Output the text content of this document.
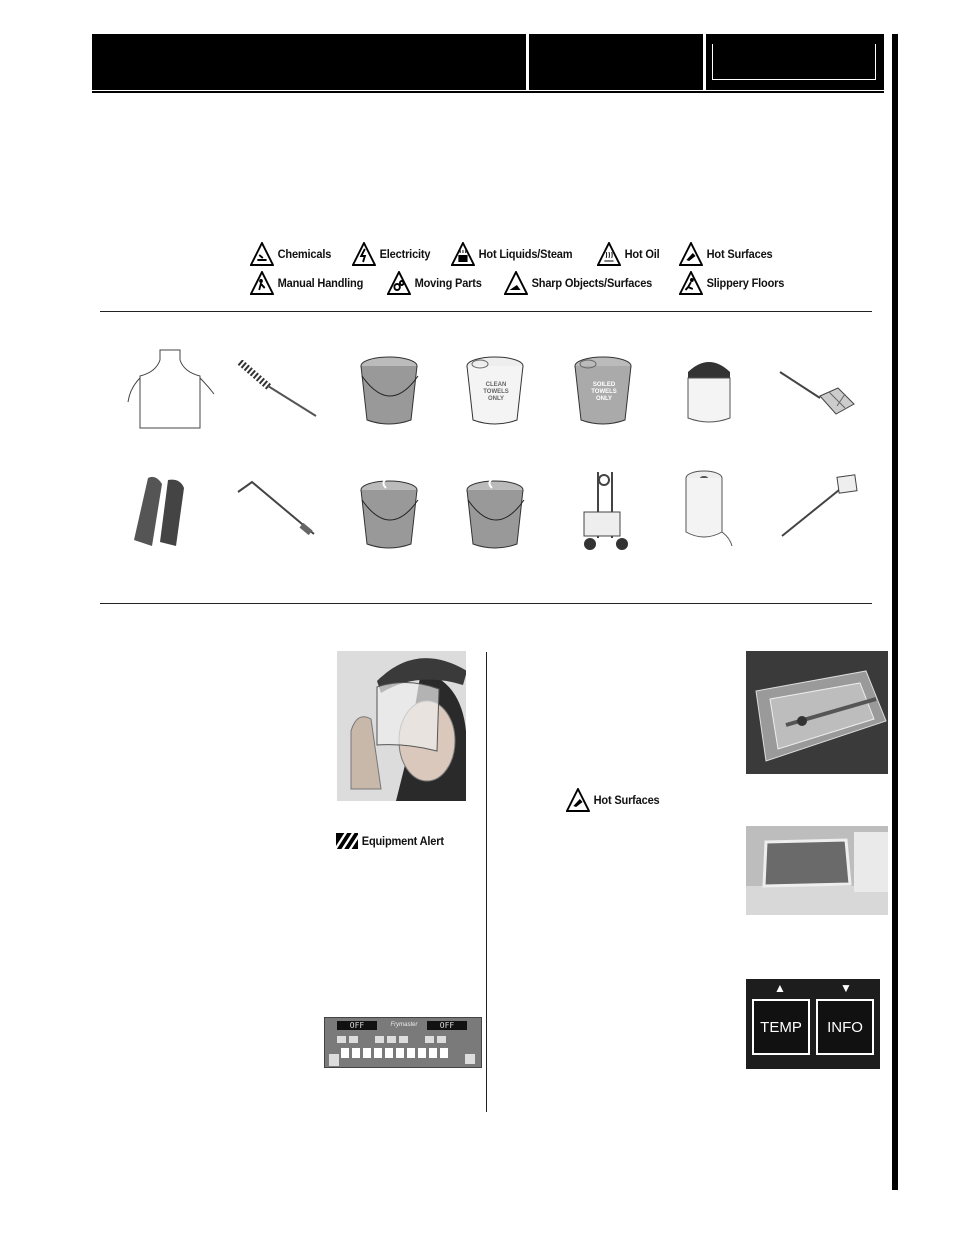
Chemicals	Electricity	Hot Liquids/Steam	Hot Oil	Hot Surfaces
Manual Handling	Moving Parts	Sharp Objects/Surfaces	Slippery Floors
CLEAN TOWELS ONLY
SOILED TOWELS ONLY
Equipment Alert
OFF	Frymaster	OFF
Hot Surfaces
▲	▼
TEMP	INFO
